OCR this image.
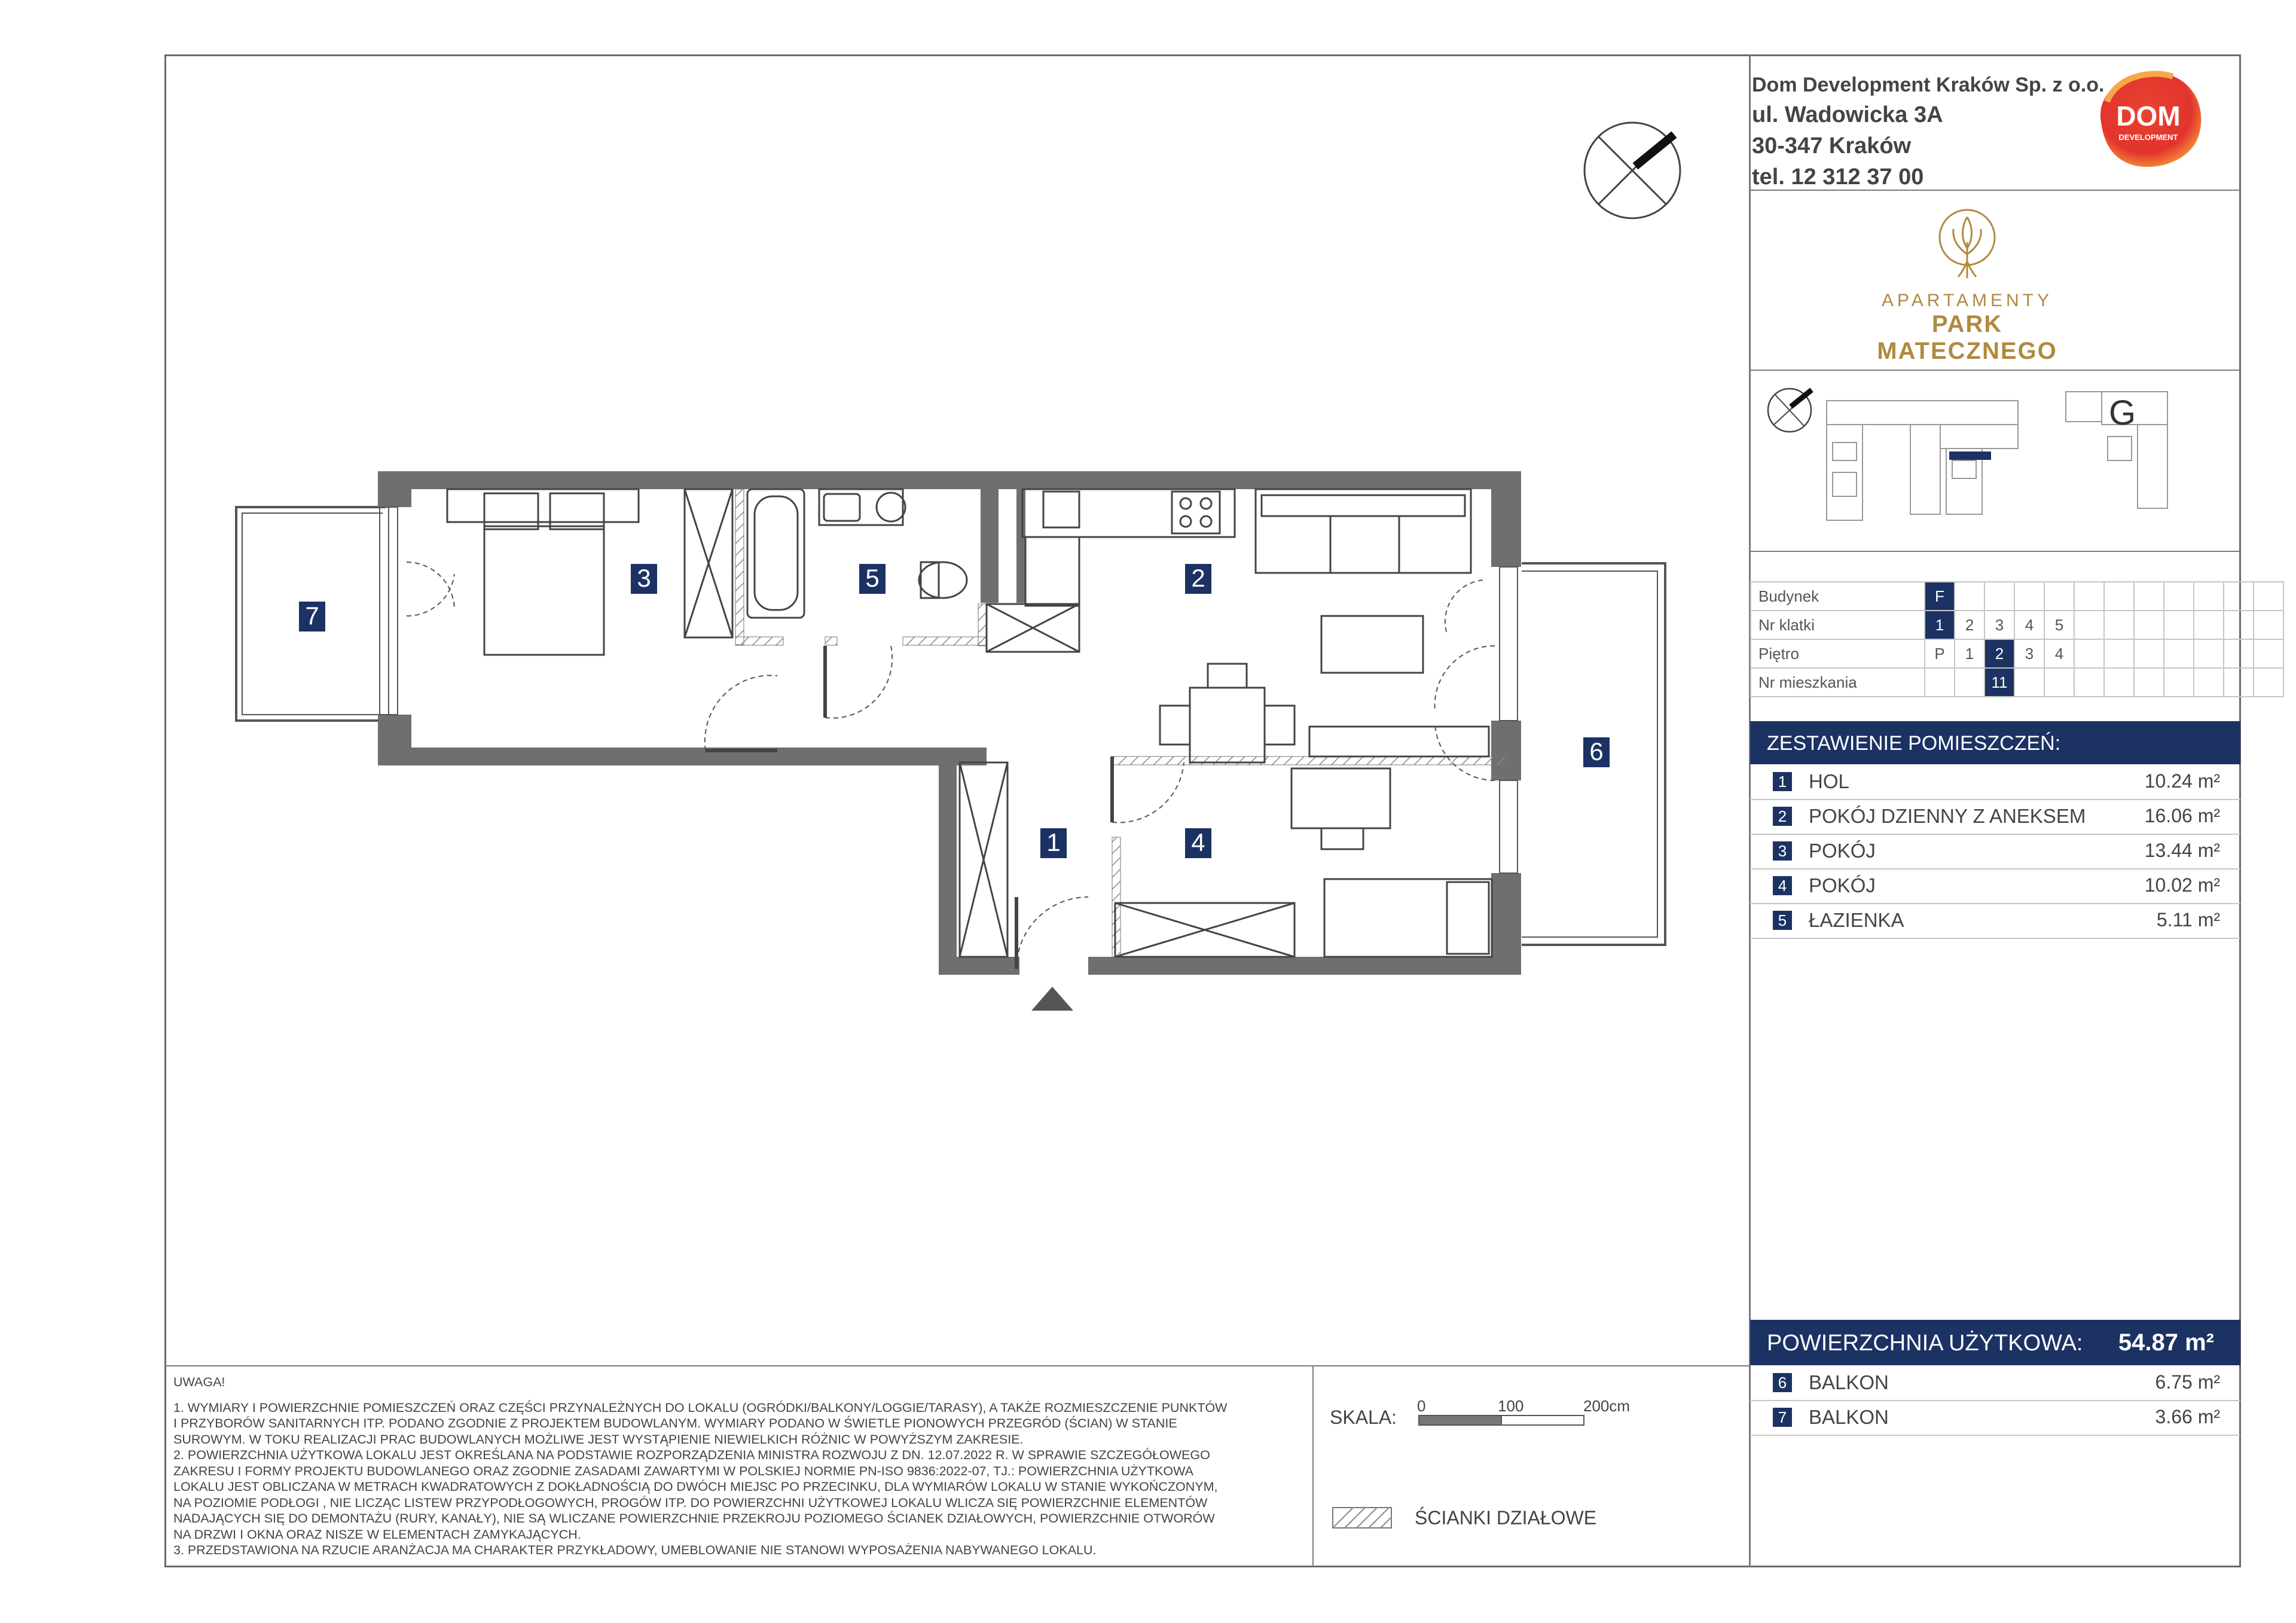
Dom Development Kraków Sp. z o.o.
ul. Wadowicka 3A
30-347 Kraków
tel. 12 312 37 00
DOM
DEVELOPMENT
APARTAMENTY
PARK MATECZNEGO
G
Budynek	F											
Nr klatki	1	2	3	4	5							
Piętro	P	1	2	3	4							
Nr mieszkania			11									
ZESTAWIENIE POMIESZCZEŃ:
1 HOL	10.24 m²
2 POKÓJ DZIENNY Z ANEKSEM	16.06 m²
3 POKÓJ	13.44 m²
4 POKÓJ	10.02 m²
5 ŁAZIENKA	5.11 m²
POWIERZCHNIA UŻYTKOWA: 54.87 m²
6 BALKON	6.75 m²
7 BALKON	3.66 m²
UWAGA!
1. WYMIARY I POWIERZCHNIE POMIESZCZEŃ ORAZ CZĘŚCI PRZYNALEŻNYCH DO LOKALU (OGRÓDKI/BALKONY/LOGGIE/TARASY), A TAKŻE ROZMIESZCZENIE PUNKTÓW
I PRZYBORÓW SANITARNYCH ITP. PODANO ZGODNIE Z PROJEKTEM BUDOWLANYM. WYMIARY PODANO W ŚWIETLE PIONOWYCH PRZEGRÓD (ŚCIAN) W STANIE
SUROWYM. W TOKU REALIZACJI PRAC BUDOWLANYCH MOŻLIWE JEST WYSTĄPIENIE NIEWIELKICH RÓŻNIC W POWYŻSZYM ZAKRESIE.
2. POWIERZCHNIA UŻYTKOWA LOKALU JEST OKREŚLANA NA PODSTAWIE ROZPORZĄDZENIA MINISTRA ROZWOJU Z DN. 12.07.2022 R. W SPRAWIE SZCZEGÓŁOWEGO
ZAKRESU I FORMY PROJEKTU BUDOWLANEGO ORAZ ZGODNIE ZASADAMI ZAWARTYMI W POLSKIEJ NORMIE PN-ISO 9836:2022-07, TJ.: POWIERZCHNIA UŻYTKOWA
LOKALU JEST OBLICZANA W METRACH KWADRATOWYCH Z DOKŁADNOŚCIĄ DO DWÓCH MIEJSC PO PRZECINKU, DLA WYMIARÓW LOKALU W STANIE WYKOŃCZONYM,
NA POZIOMIE PODŁOGI , NIE LICZĄC LISTEW PRZYPODŁOGOWYCH, PROGÓW ITP. DO POWIERZCHNI UŻYTKOWEJ LOKALU WLICZA SIĘ POWIERZCHNIE ELEMENTÓW
NADAJĄCYCH SIĘ DO DEMONTAŻU (RURY, KANAŁY), NIE SĄ WLICZANE POWIERZCHNIE PRZEKROJU POZIOMEGO ŚCIANEK DZIAŁOWYCH, POWIERZCHNIE OTWORÓW
NA DRZWI I OKNA ORAZ NISZE W ELEMENTACH ZAMYKAJĄCYCH.
3. PRZEDSTAWIONA NA RZUCIE ARANŻACJA MA CHARAKTER PRZYKŁADOWY, UMEBLOWANIE NIE STANOWI WYPOSAŻENIA NABYWANEGO LOKALU.
SKALA:
0	100	200cm
ŚCIANKI DZIAŁOWE
1
2
3
4
5
6
7
